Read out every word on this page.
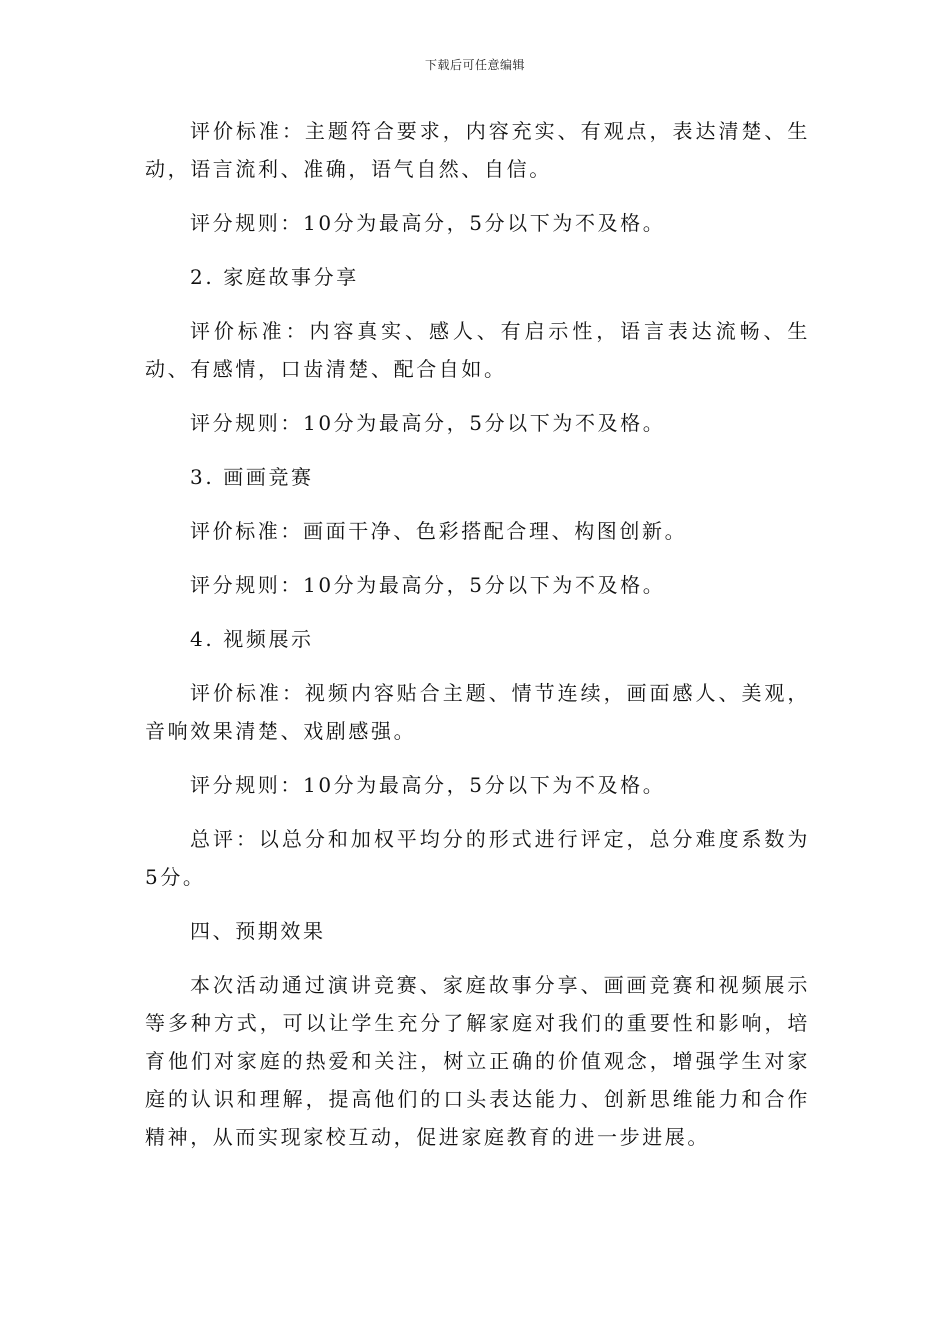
下载后可任意编辑

评价标准：主题符合要求，内容充实、有观点，表达清楚、生动，语言流利、准确，语气自然、自信。

评分规则：10分为最高分，5分以下为不及格。

2. 家庭故事分享

评价标准：内容真实、感人、有启示性，语言表达流畅、生动、有感情，口齿清楚、配合自如。

评分规则：10分为最高分，5分以下为不及格。

3. 画画竞赛

评价标准：画面干净、色彩搭配合理、构图创新。

评分规则：10分为最高分，5分以下为不及格。

4. 视频展示

评价标准：视频内容贴合主题、情节连续，画面感人、美观，音响效果清楚、戏剧感强。

评分规则：10分为最高分，5分以下为不及格。

总评：以总分和加权平均分的形式进行评定，总分难度系数为5分。

四、预期效果

本次活动通过演讲竞赛、家庭故事分享、画画竞赛和视频展示等多种方式，可以让学生充分了解家庭对我们的重要性和影响，培育他们对家庭的热爱和关注，树立正确的价值观念，增强学生对家庭的认识和理解，提高他们的口头表达能力、创新思维能力和合作精神，从而实现家校互动，促进家庭教育的进一步进展。
